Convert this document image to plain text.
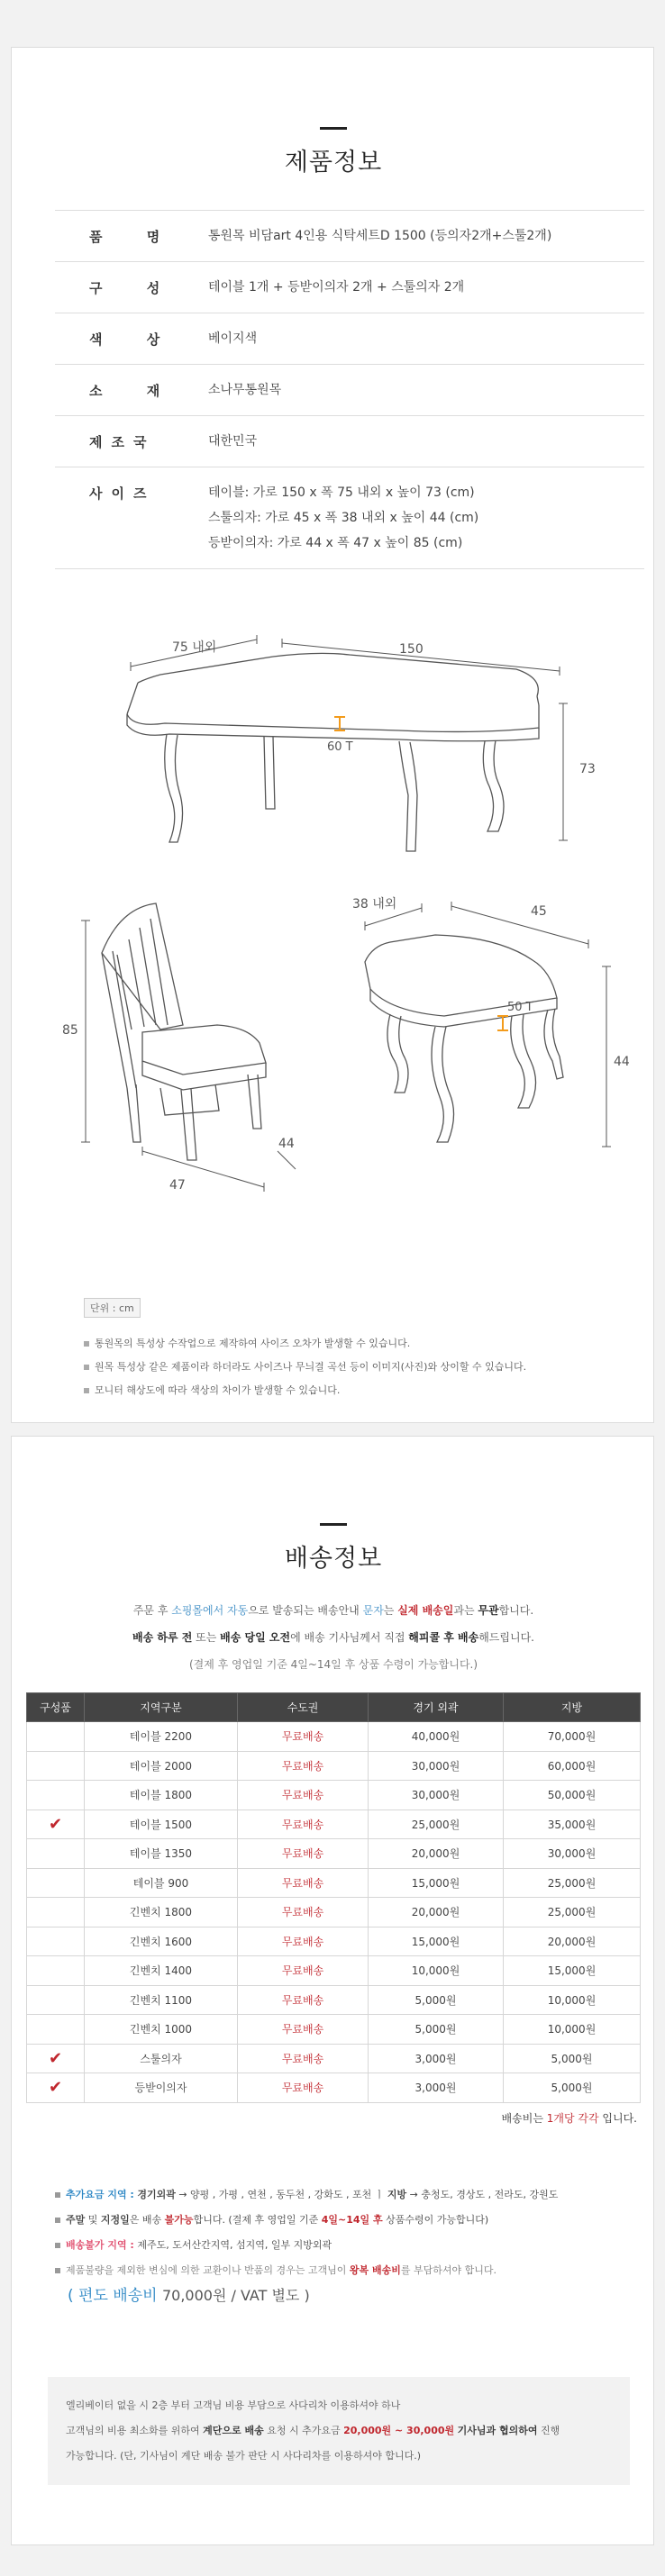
제품정보
품 명	통원목 비담art 4인용 식탁세트D 1500 (등의자2개+스툴2개)
구 성	테이블 1개 + 등받이의자 2개 + 스툴의자 2개
색 상	베이지색
소 재	소나무통원목
제조국	대한민국
사이즈	테이블: 가로 150 x 폭 75 내외 x 높이 73 (cm)
스툴의자: 가로 45 x 폭 38 내외 x 높이 44 (cm)
등받이의자: 가로 44 x 폭 47 x 높이 85 (cm)
75 내외	150
60 T
73
85
44
47
38 내외	45
50 T
44
단위 : cm
통원목의 특성상 수작업으로 제작하여 사이즈 오차가 발생할 수 있습니다.
원목 특성상 같은 제품이라 하더라도 사이즈나 무늬결 곡선 등이 이미지(사진)와 상이할 수 있습니다.
모니터 해상도에 따라 색상의 차이가 발생할 수 있습니다.
배송정보
주문 후 소핑몰에서 자동으로 발송되는 배송안내 문자는 실제 배송일과는 무관합니다.
배송 하루 전 또는 배송 당일 오전에 배송 기사님께서 직접 해피콜 후 배송해드립니다.
(결제 후 영업일 기준 4일~14일 후 상품 수령이 가능합니다.)
구성품	지역구분	수도권	경기 외곽	지방
	테이블 2200	무료배송	40,000원	70,000원
	테이블 2000	무료배송	30,000원	60,000원
	테이블 1800	무료배송	30,000원	50,000원
✔	테이블 1500	무료배송	25,000원	35,000원
	테이블 1350	무료배송	20,000원	30,000원
	테이블 900	무료배송	15,000원	25,000원
	긴벤치 1800	무료배송	20,000원	25,000원
	긴벤치 1600	무료배송	15,000원	20,000원
	긴벤치 1400	무료배송	10,000원	15,000원
	긴벤치 1100	무료배송	5,000원	10,000원
	긴벤치 1000	무료배송	5,000원	10,000원
✔	스툴의자	무료배송	3,000원	5,000원
✔	등받이의자	무료배송	3,000원	5,000원
배송비는 1개당 각각 입니다.
추가요금 지역 : 경기외곽 → 양평 , 가평 , 연천 , 동두천 , 강화도 , 포천 ㅣ 지방 → 충청도, 경상도 , 전라도, 강원도
주말 및 지정일은 배송 불가능합니다. (결제 후 영업일 기준 4일~14일 후 상품수령이 가능합니다)
배송불가 지역 : 제주도, 도서산간지역, 섬지역, 일부 지방외곽
제품불량을 제외한 변심에 의한 교환이나 반품의 경우는 고객님이 왕복 배송비를 부담하셔야 합니다.
( 편도 배송비 70,000원 / VAT 별도 )
엘리베이터 없을 시 2층 부터 고객님 비용 부담으로 사다리차 이용하셔야 하나
고객님의 비용 최소화를 위하여 계단으로 배송 요청 시 추가요금 20,000원 ~ 30,000원 기사님과 협의하여 진행
가능합니다. (단, 기사님이 계단 배송 불가 판단 시 사다리차를 이용하셔야 합니다.)
